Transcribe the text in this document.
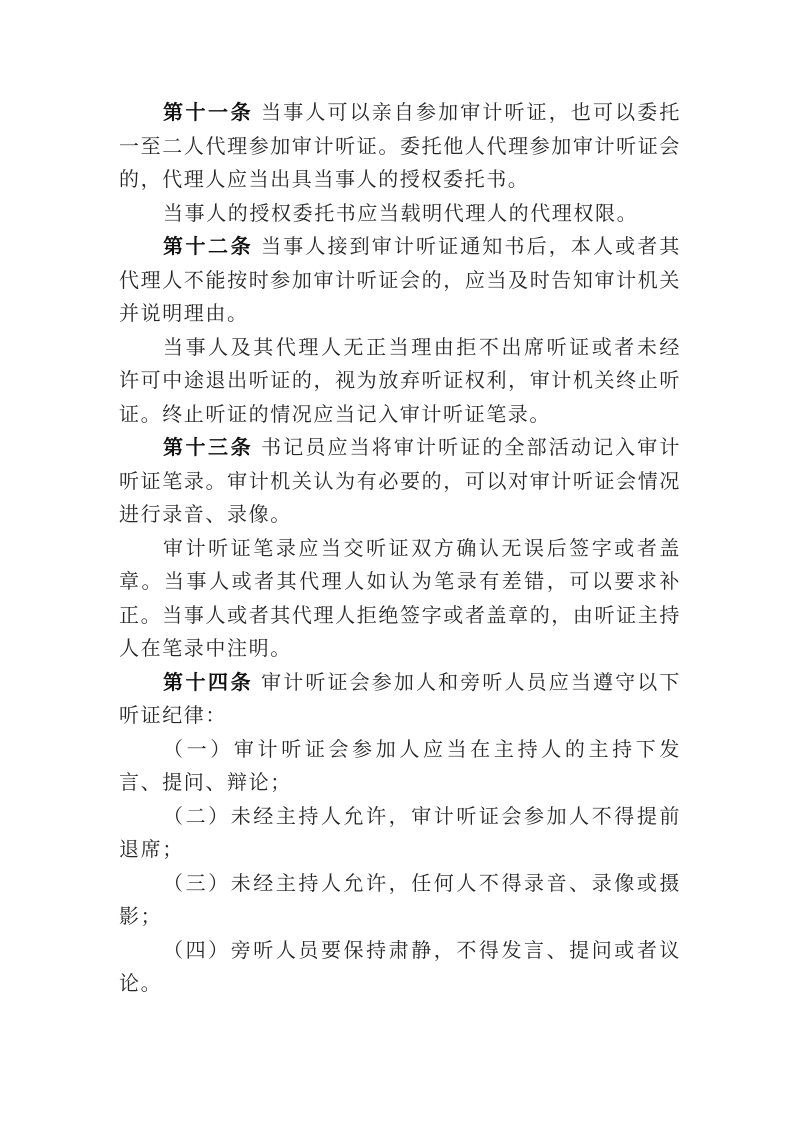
第十一条 当事人可以亲自参加审计听证，也可以委托一至二人代理参加审计听证。委托他人代理参加审计听证会的，代理人应当出具当事人的授权委托书。

当事人的授权委托书应当载明代理人的代理权限。

第十二条 当事人接到审计听证通知书后，本人或者其代理人不能按时参加审计听证会的，应当及时告知审计机关并说明理由。

当事人及其代理人无正当理由拒不出席听证或者未经许可中途退出听证的，视为放弃听证权利，审计机关终止听证。终止听证的情况应当记入审计听证笔录。

第十三条 书记员应当将审计听证的全部活动记入审计听证笔录。审计机关认为有必要的，可以对审计听证会情况进行录音、录像。

审计听证笔录应当交听证双方确认无误后签字或者盖章。当事人或者其代理人如认为笔录有差错，可以要求补正。当事人或者其代理人拒绝签字或者盖章的，由听证主持人在笔录中注明。

第十四条 审计听证会参加人和旁听人员应当遵守以下听证纪律：

（一）审计听证会参加人应当在主持人的主持下发言、提问、辩论；

（二）未经主持人允许，审计听证会参加人不得提前退席；

（三）未经主持人允许，任何人不得录音、录像或摄影；

（四）旁听人员要保持肃静，不得发言、提问或者议论。
